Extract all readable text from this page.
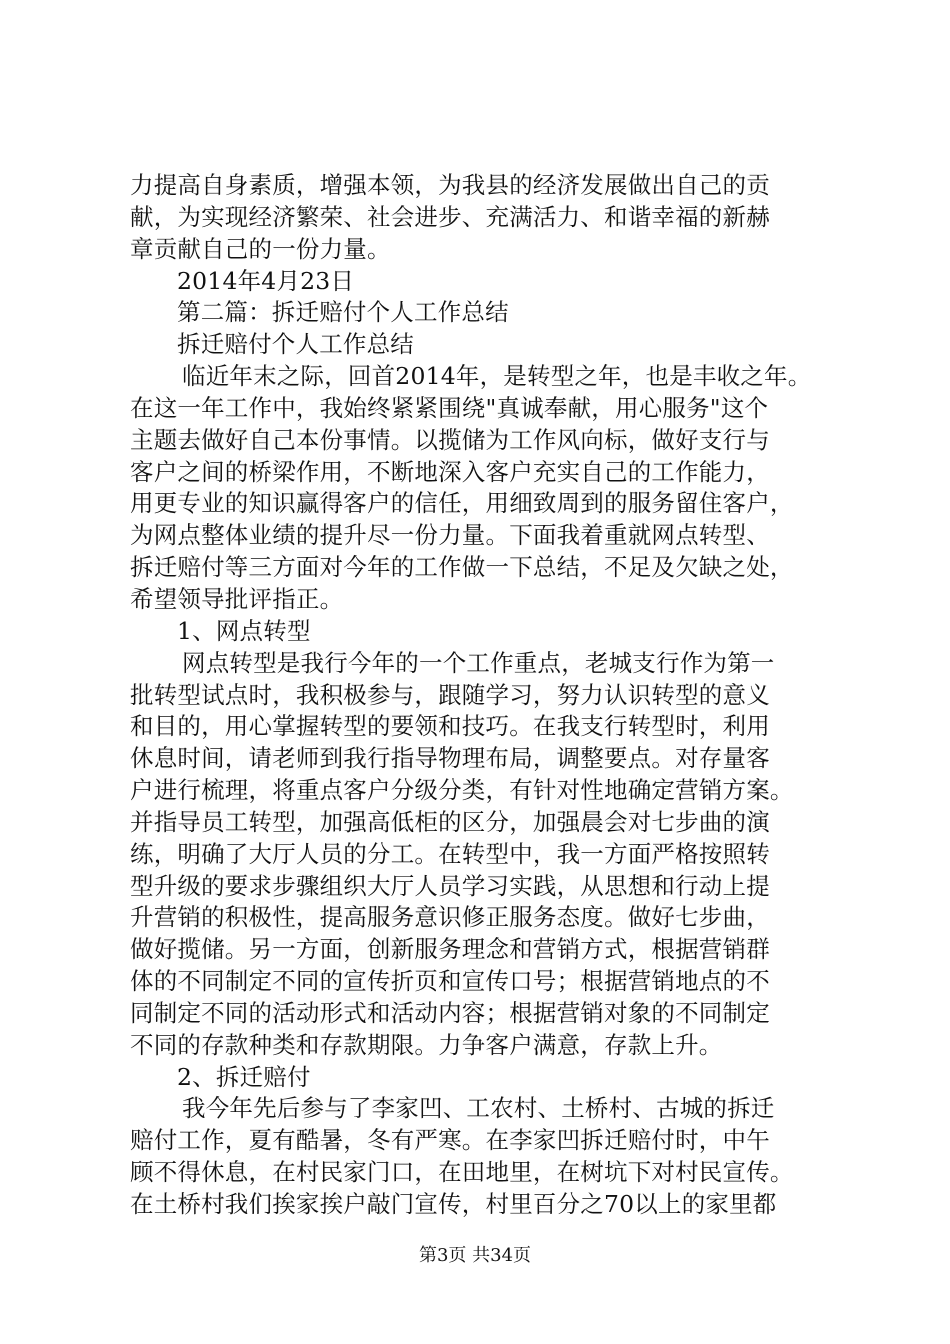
力提高自身素质，增强本领，为我县的经济发展做出自己的贡
献，为实现经济繁荣、社会进步、充满活力、和谐幸福的新赫
章贡献自己的一份力量。
2014年4月23日
第二篇：拆迁赔付个人工作总结
拆迁赔付个人工作总结
临近年末之际，回首2014年，是转型之年，也是丰收之年。
在这一年工作中，我始终紧紧围绕"真诚奉献，用心服务"这个
主题去做好自己本份事情。以揽储为工作风向标，做好支行与
客户之间的桥梁作用，不断地深入客户充实自己的工作能力，
用更专业的知识赢得客户的信任，用细致周到的服务留住客户，
为网点整体业绩的提升尽一份力量。下面我着重就网点转型、
拆迁赔付等三方面对今年的工作做一下总结，不足及欠缺之处，
希望领导批评指正。
1、网点转型
网点转型是我行今年的一个工作重点，老城支行作为第一
批转型试点时，我积极参与，跟随学习，努力认识转型的意义
和目的，用心掌握转型的要领和技巧。在我支行转型时，利用
休息时间，请老师到我行指导物理布局，调整要点。对存量客
户进行梳理，将重点客户分级分类，有针对性地确定营销方案。
并指导员工转型，加强高低柜的区分，加强晨会对七步曲的演
练，明确了大厅人员的分工。在转型中，我一方面严格按照转
型升级的要求步骤组织大厅人员学习实践，从思想和行动上提
升营销的积极性，提高服务意识修正服务态度。做好七步曲，
做好揽储。另一方面，创新服务理念和营销方式，根据营销群
体的不同制定不同的宣传折页和宣传口号；根据营销地点的不
同制定不同的活动形式和活动内容；根据营销对象的不同制定
不同的存款种类和存款期限。力争客户满意，存款上升。
2、拆迁赔付
我今年先后参与了李家凹、工农村、土桥村、古城的拆迁
赔付工作，夏有酷暑，冬有严寒。在李家凹拆迁赔付时，中午
顾不得休息，在村民家门口，在田地里，在树坑下对村民宣传。
在土桥村我们挨家挨户敲门宣传，村里百分之70以上的家里都
第3页 共34页
